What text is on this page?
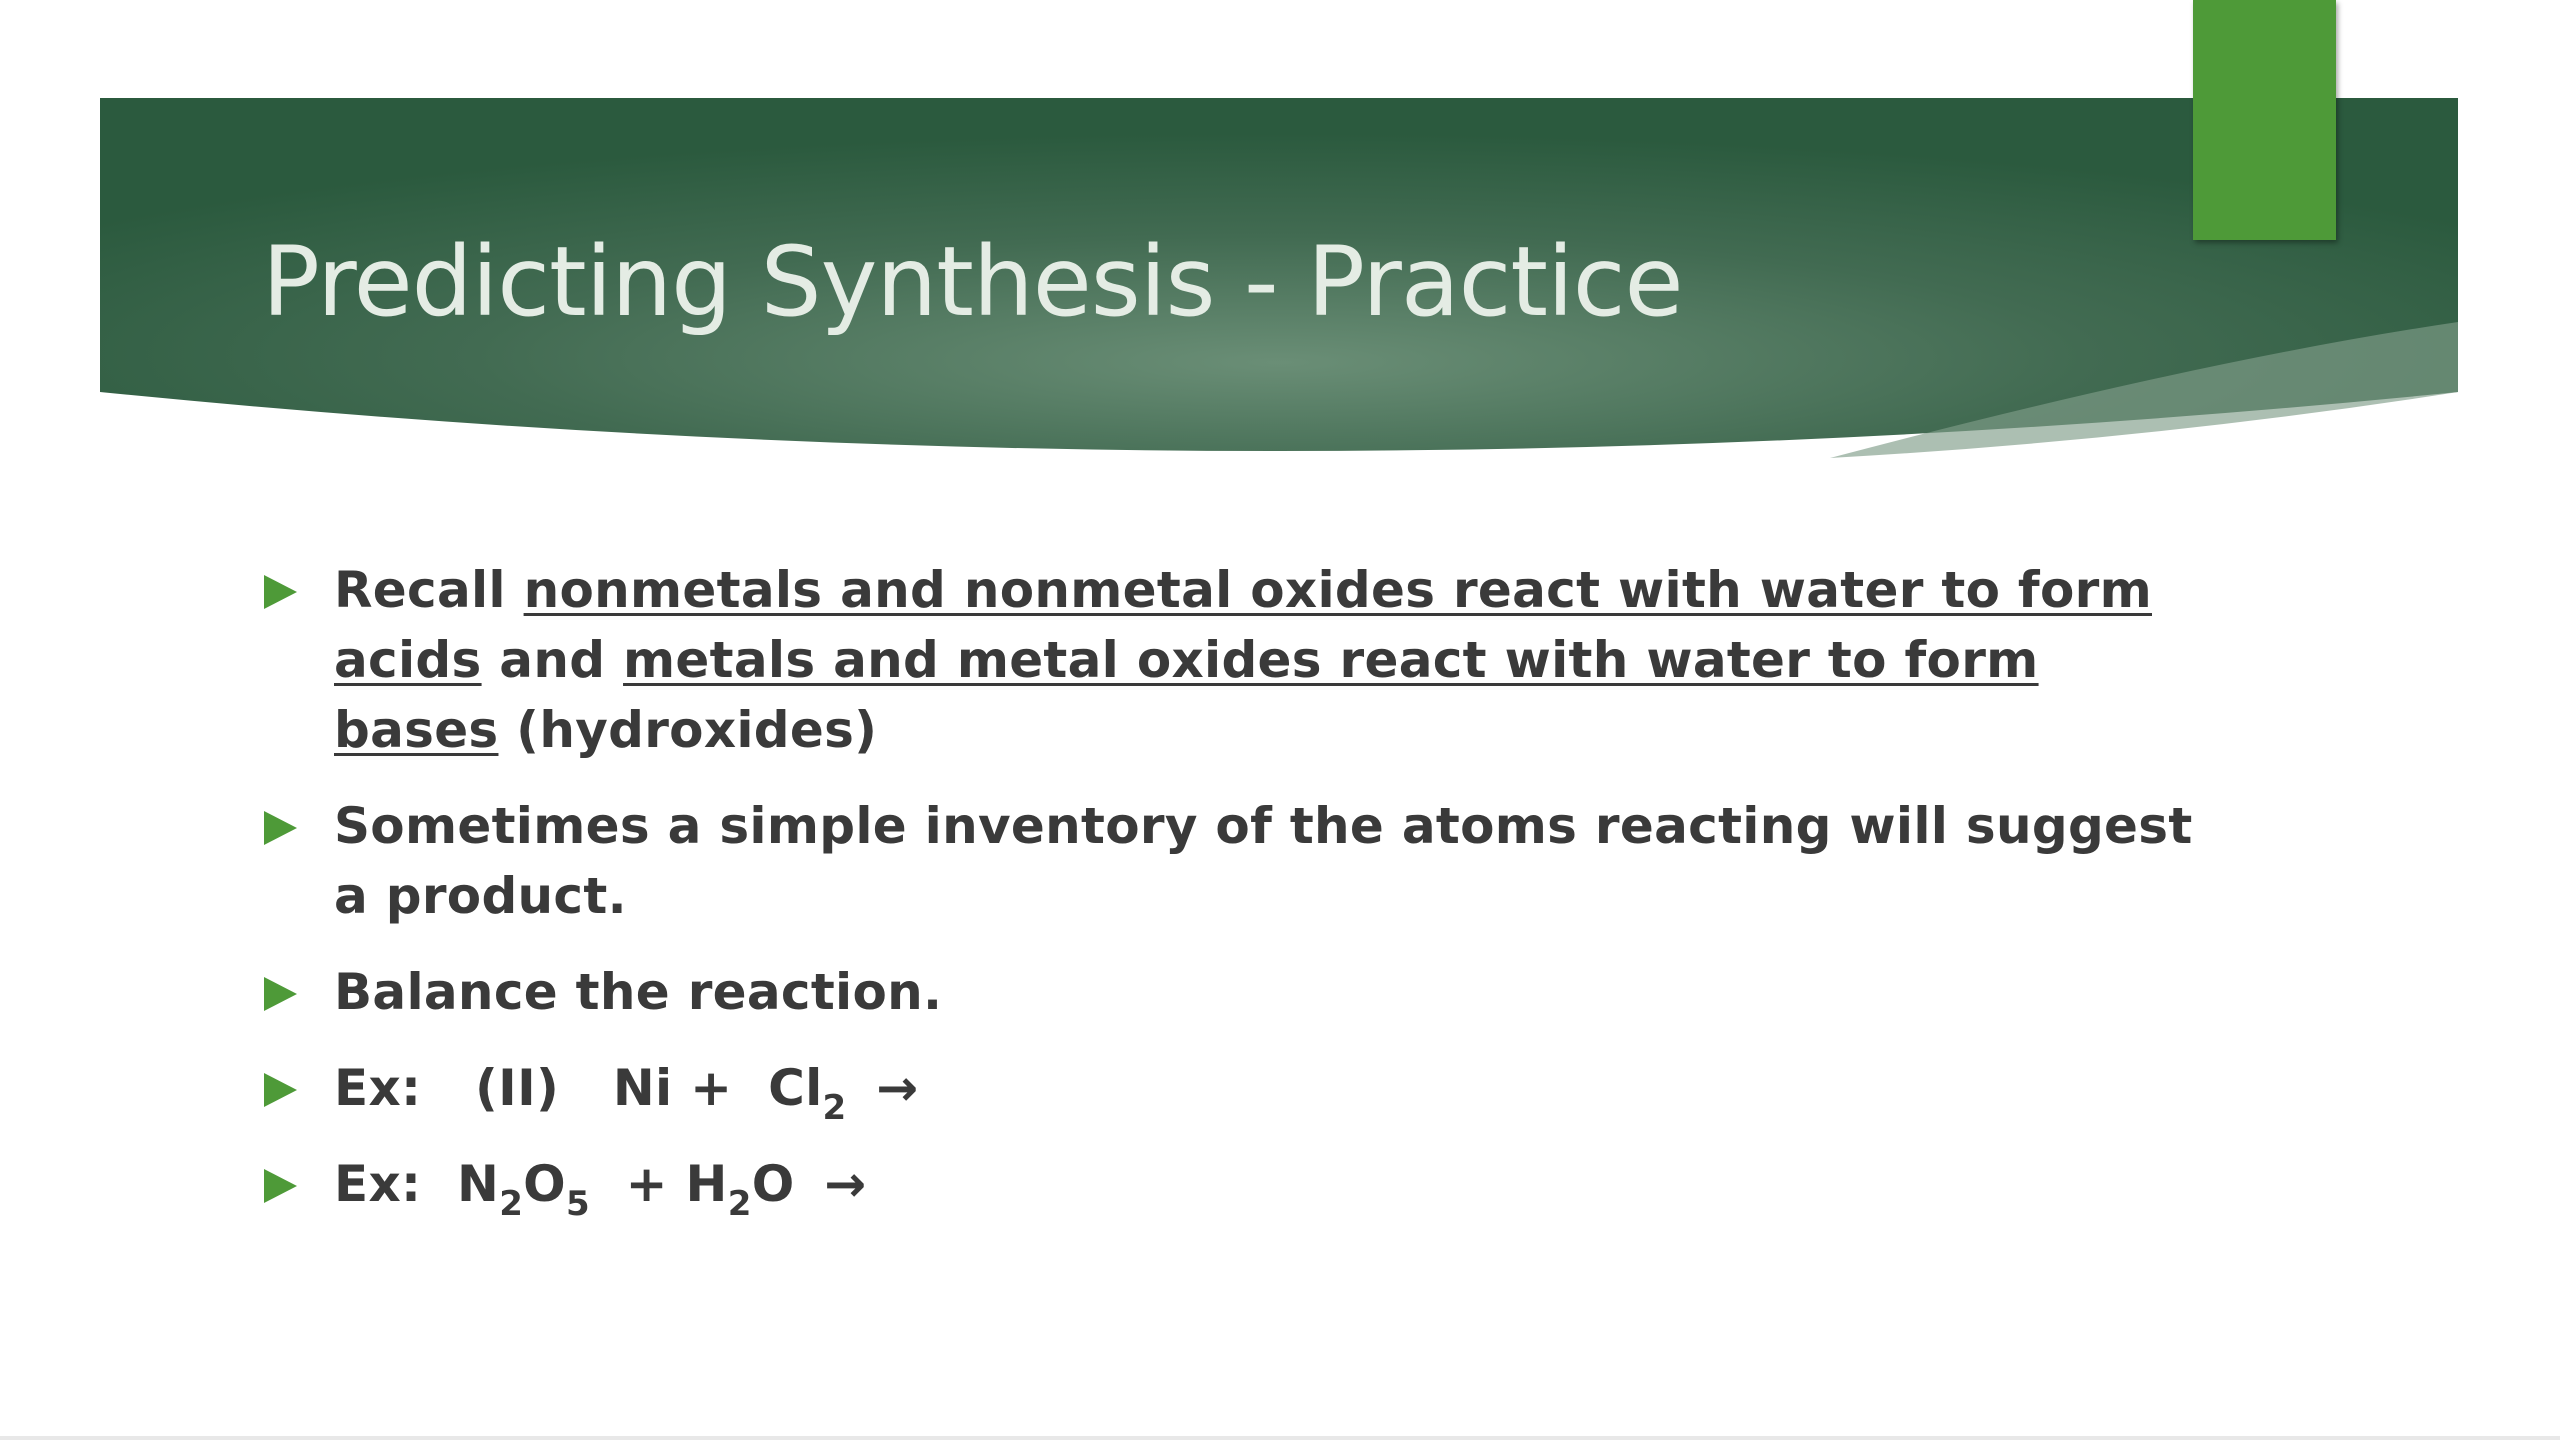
Predicting Synthesis - Practice
Recall nonmetals and nonmetal oxides react with water to form acids and metals and metal oxides react with water to form bases (hydroxides)
Sometimes a simple inventory of the atoms reacting will suggest a product.
Balance the reaction.
Ex: (II) $Ni + Cl_2$ →
Ex: $N_2O_5 + H_2O$ →
